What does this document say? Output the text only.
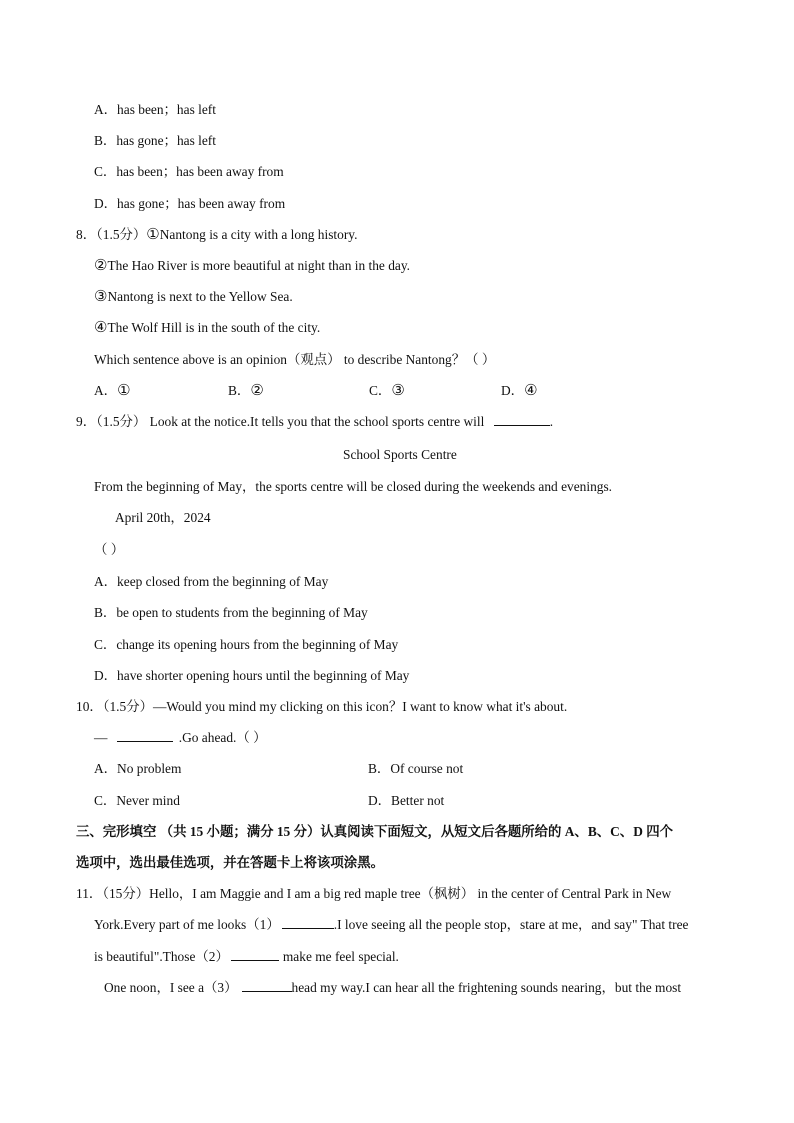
A．has been；has left
B．has gone；has left
C．has been；has been away from
D．has gone；has been away from
8．（1.5分）①Nantong is a city with a long history.
②The Hao River is more beautiful at night than in the day.
③Nantong is next to the Yellow Sea.
④The Wolf Hill is in the south of the city.
Which sentence above is an opinion（观点） to describe Nantong？（ ）
A．①	B．②	C．③	D．④
9．（1.5分） Look at the notice.It tells you that the school sports centre will	.
School Sports Centre
From the beginning of May，the sports centre will be closed during the weekends and evenings.
April 20th，2024
（ ）
A．keep closed from the beginning of May
B．be open to students from the beginning of May
C．change its opening hours from the beginning of May
D．have shorter opening hours until the beginning of May
10．（1.5分）—Would you mind my clicking on this icon？I want to know what it's about.
—	.Go ahead.（ ）
A．No problem	B．Of course not
C．Never mind	D．Better not
三、完形填空 （共 15 小题；满分 15 分）认真阅读下面短文，从短文后各题所给的 A、B、C、D 四个
选项中，选出最佳选项，并在答题卡上将该项涂黑。
11．（15分）Hello，I am Maggie and I am a big red maple tree（枫树） in the center of Central Park in New
York.Every part of me looks（1）	.I love seeing all the people stop，stare at me，and say" That tree
is beautiful".Those（2）	make me feel special.
One noon，I see a（3）	head my way.I can hear all the frightening sounds nearing，but the most
